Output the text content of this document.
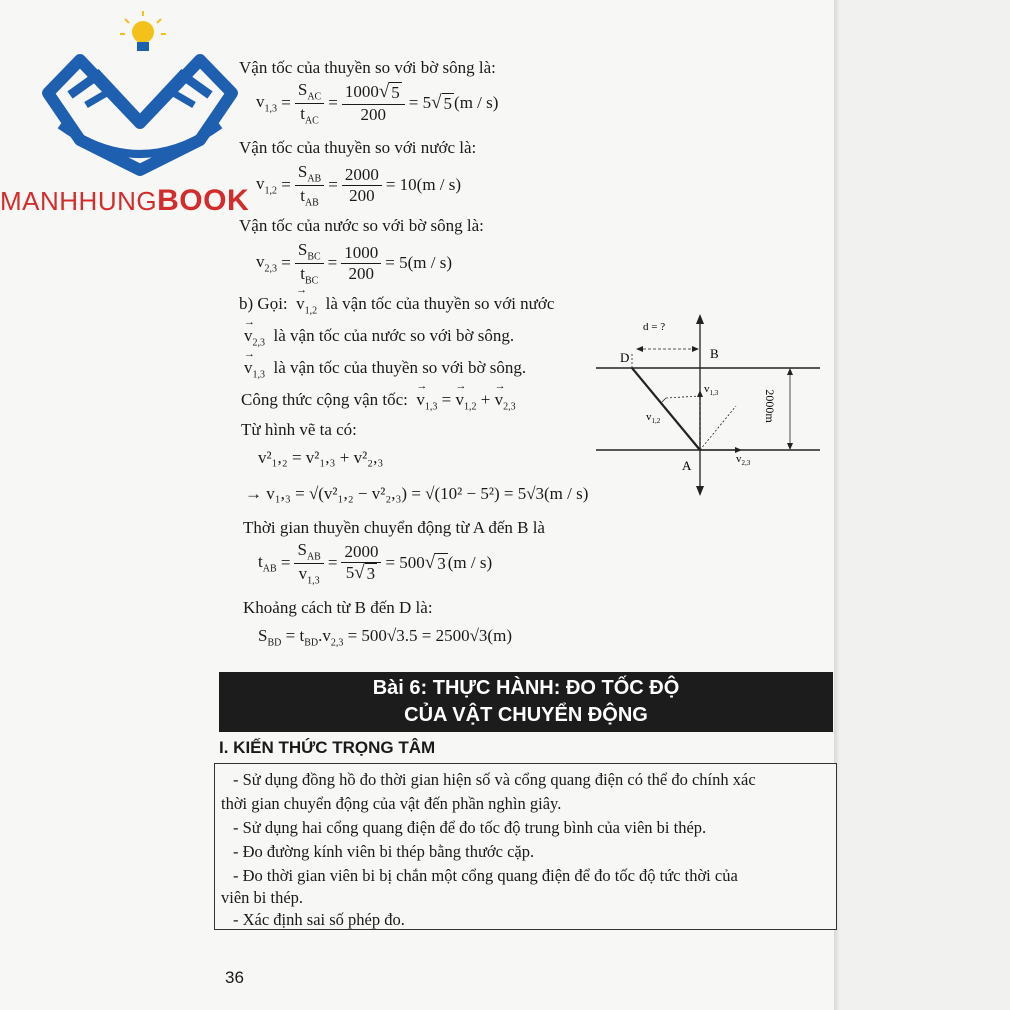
MANHHUNGBOOK
Vận tốc của thuyền so với bờ sông là:
$v_{1,3} = \frac{S_{AC}}{t_{AC}} = \frac{1000 √ 5}{200} = 5$ √ 5 (m / s)
Vận tốc của thuyền so với nước là:
$v_{1,2} = \frac{S_{AB}}{t_{AB}} = \frac{2000}{200} = 10(m / s)$
Vận tốc của nước so với bờ sông là:
$v_{2,3} = \frac{S_{BC}}{t_{BC}} = \frac{1000}{200} = 5(m / s)$
b) Gọi: → $v_{1,2}$ là vận tốc của thuyền so với nước
→ $v_{2,3}$ là vận tốc của nước so với bờ sông.
→ $v_{1,3}$ là vận tốc của thuyền so với bờ sông.
Công thức cộng vận tốc: → $v_{1,3}$ = → $v_{1,2}$ + → $v_{2,3}$
Từ hình vẽ ta có:
v²₁,₂ = v²₁,₃ + v²₂,₃
→ v₁,₃ = √(v²₁,₂ − v²₂,₃) = √(10² − 5²) = 5√3(m / s)
Thời gian thuyền chuyển động từ A đến B là
$t_{AB} = \frac{S_{AB}}{v_{1,3}} = \frac{2000}{5 √ 3} = 500$ √ 3 (m / s)
Khoảng cách từ B đến D là:
$S_{BD} = t_{BD}.v_{2,3} = 500√3.5 = 2500√3(m)$
d = ?
D	B
A
2000m
$v_{1,3}$
$v_{1,2}$
$v_{2,3}$
Bài 6: THỰC HÀNH: ĐO TỐC ĐỘ
CỦA VẬT CHUYỂN ĐỘNG
I. KIẾN THỨC TRỌNG TÂM

- Sử dụng đồng hồ đo thời gian hiện số và cổng quang điện có thể đo chính xác

thời gian chuyển động của vật đến phần nghìn giây.

- Sử dụng hai cổng quang điện để đo tốc độ trung bình của viên bi thép.

- Đo đường kính viên bi thép bằng thước cặp.

- Đo thời gian viên bi bị chắn một cổng quang điện để đo tốc độ tức thời của

viên bi thép.

- Xác định sai số phép đo.

36
